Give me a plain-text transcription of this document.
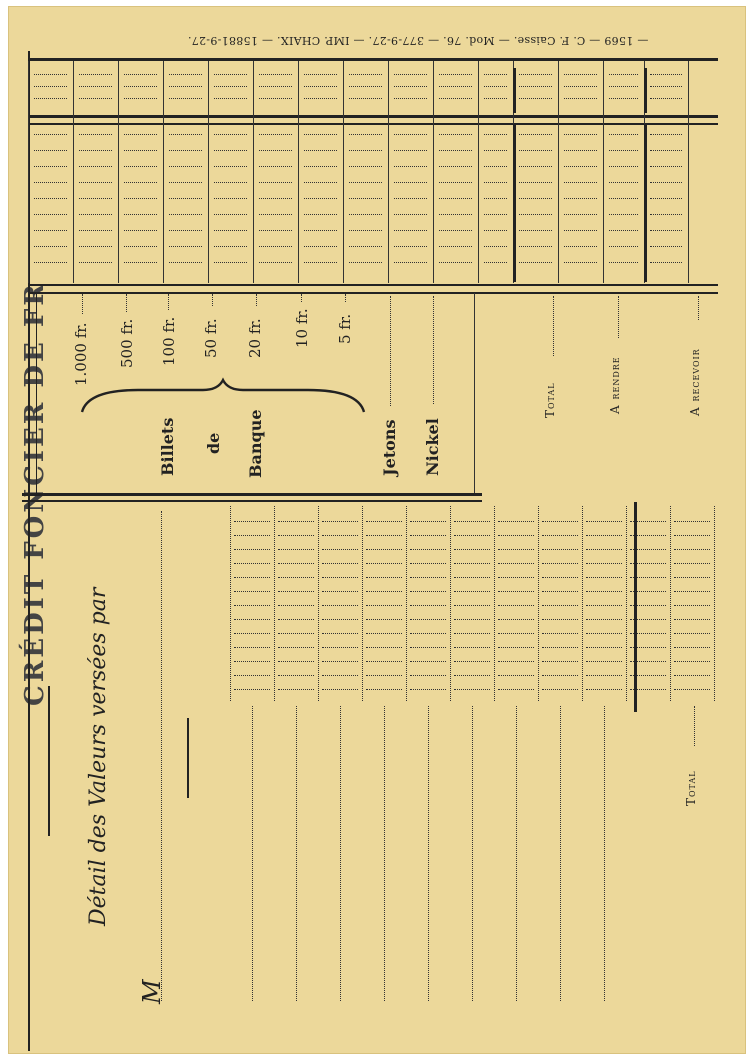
— 1569 — C. F. Caisse. — Mod. 76. — 377-9-27. — IMP. CHAIX. — 15881-9-27.
CRÉDIT FONCIER DE FR 1.000 fr. 500 fr. 100 fr. 50 fr. 20 fr. 10 fr. 5 fr.
Billets de Banque	Jetons Nickel
Total	A rendre	A recevoir
Détail des Valeurs versées par
M
Total
